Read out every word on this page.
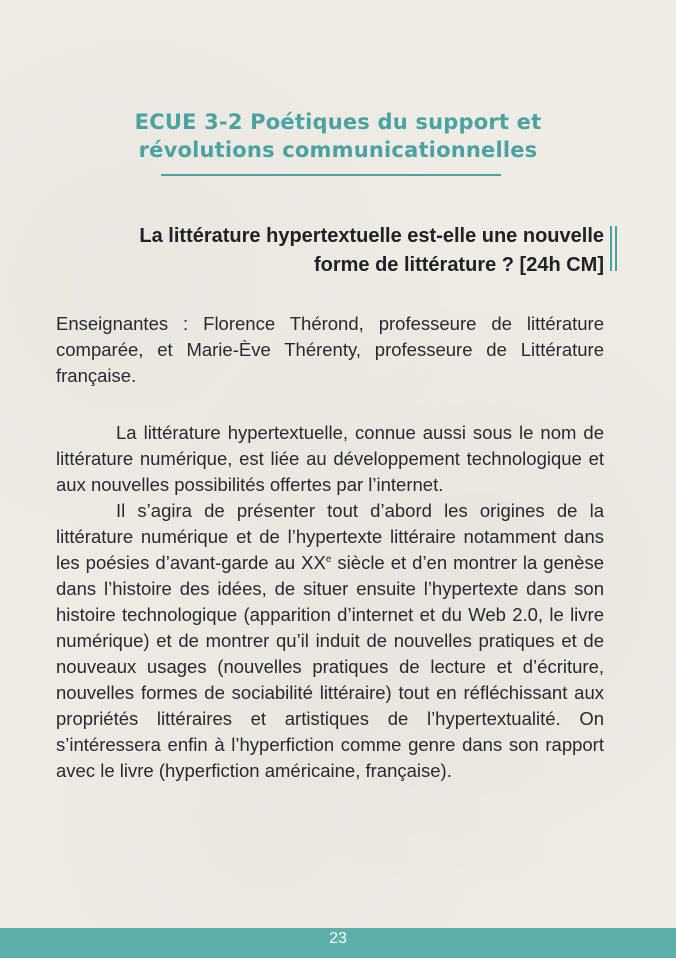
ECUE 3-2 Poétiques du support et
révolutions communicationnelles
La littérature hypertextuelle est-elle une nouvelle
forme de littérature ? [24h CM]

Enseignantes : Florence Thérond, professeure de littérature comparée, et Marie-Ève Thérenty, professeure de Littérature française.

La littérature hypertextuelle, connue aussi sous le nom de littérature numérique, est liée au développement technologique et aux nouvelles possibilités offertes par l’internet.

Il s’agira de présenter tout d’abord les origines de la littérature numérique et de l’hypertexte littéraire notamment dans les poésies d’avant-garde au XXe siècle et d’en montrer la genèse dans l’histoire des idées, de situer ensuite l’hypertexte dans son histoire technologique (apparition d’internet et du Web 2.0, le livre numérique) et de montrer qu’il induit de nouvelles pratiques et de nouveaux usages (nouvelles pratiques de lecture et d’écriture, nouvelles formes de sociabilité littéraire) tout en réfléchissant aux propriétés littéraires et artistiques de l’hypertextualité. On s’intéressera enfin à l’hyperfiction comme genre dans son rapport avec le livre (hyperfiction américaine, française).

23
